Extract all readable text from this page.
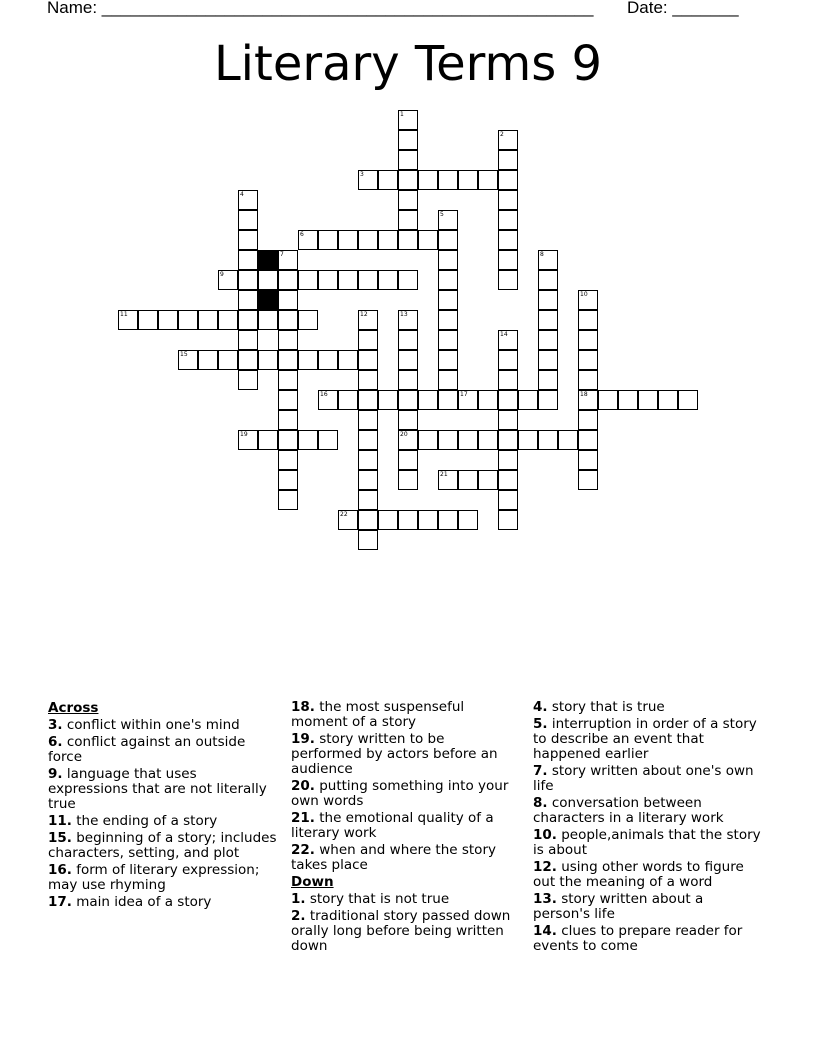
Name: ____________________________________________________ Date: _______
Literary Terms 9
1
2
3
4
5
6
7	8
9
10
18
11	12	13
20
14
15
16	17
19
21
22
Across
3. conflict within one's mind
6. conflict against an outside force
9. language that uses expressions that are not literally true
11. the ending of a story
15. beginning of a story; includes characters, setting, and plot
16. form of literary expression; may use rhyming
17. main idea of a story
18. the most suspenseful moment of a story
19. story written to be performed by actors before an audience
20. putting something into your own words
21. the emotional quality of a literary work
22. when and where the story takes place
Down
1. story that is not true
2. traditional story passed down orally long before being written down
4. story that is true
5. interruption in order of a story to describe an event that happened earlier
7. story written about one's own life
8. conversation between characters in a literary work
10. people,animals that the story is about
12. using other words to figure out the meaning of a word
13. story written about a person's life
14. clues to prepare reader for events to come
